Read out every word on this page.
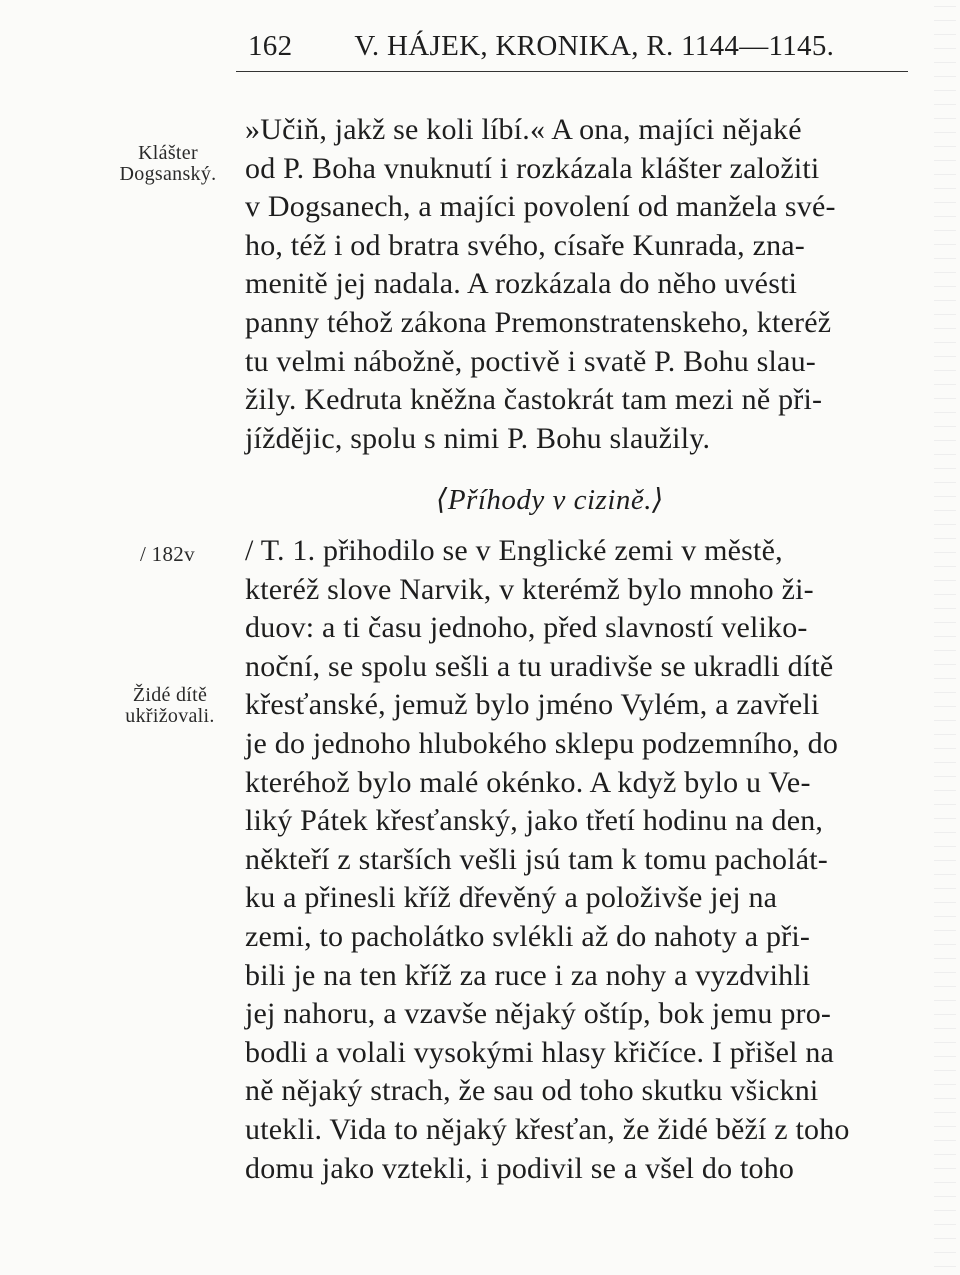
162 V. HÁJEK, KRONIKA, R. 1144—1145.
Klášter
Dogsanský.
»Učiň, jakž se koli líbí.« A ona, majíci nějaké
od P. Boha vnuknutí i rozkázala klášter založiti
v Dogsanech, a majíci povolení od manžela své-
ho, též i od bratra svého, císaře Kunrada, zna-
menitě jej nadala. A rozkázala do něho uvésti
panny téhož zákona Premonstratenskeho, kteréž
tu velmi nábožně, poctivě i svatě P. Bohu slau-
žily. Kedruta kněžna častokrát tam mezi ně při-
jížděјic, spolu s nimi P. Bohu slaužily.
⟨Příhody v cizině.⟩
/ 182v
Židé dítě
ukřižovali.
/ T. 1. přihodilo se v Englické zemi v městě,
kteréž slove Narvik, v kterémž bylo mnoho ži-
duov: a ti času jednoho, před slavností veliko-
noční, se spolu sešli a tu uradivše se ukradli dítě
křesťanské, jemuž bylo jméno Vylém, a zavřeli
je do jednoho hlubokého sklepu podzemního, do
kteréhož bylo malé okénko. A když bylo u Ve-
liký Pátek křesťanský, jako třetí hodinu na den,
někteří z starších vešli jsú tam k tomu pacholát-
ku a přinesli kříž dřevěný a položivše jej na
zemi, to pacholátko svlékli až do nahoty a při-
bili je na ten kříž za ruce i za nohy a vyzdvihli
jej nahoru, a vzavše nějaký oštíp, bok jemu pro-
bodli a volali vysokými hlasy křičíce. I přišel na
ně nějaký strach, že sau od toho skutku všickni
utekli. Vida to nějaký křesťan, že židé běží z toho
domu jako vztekli, i podivil se a všel do toho
